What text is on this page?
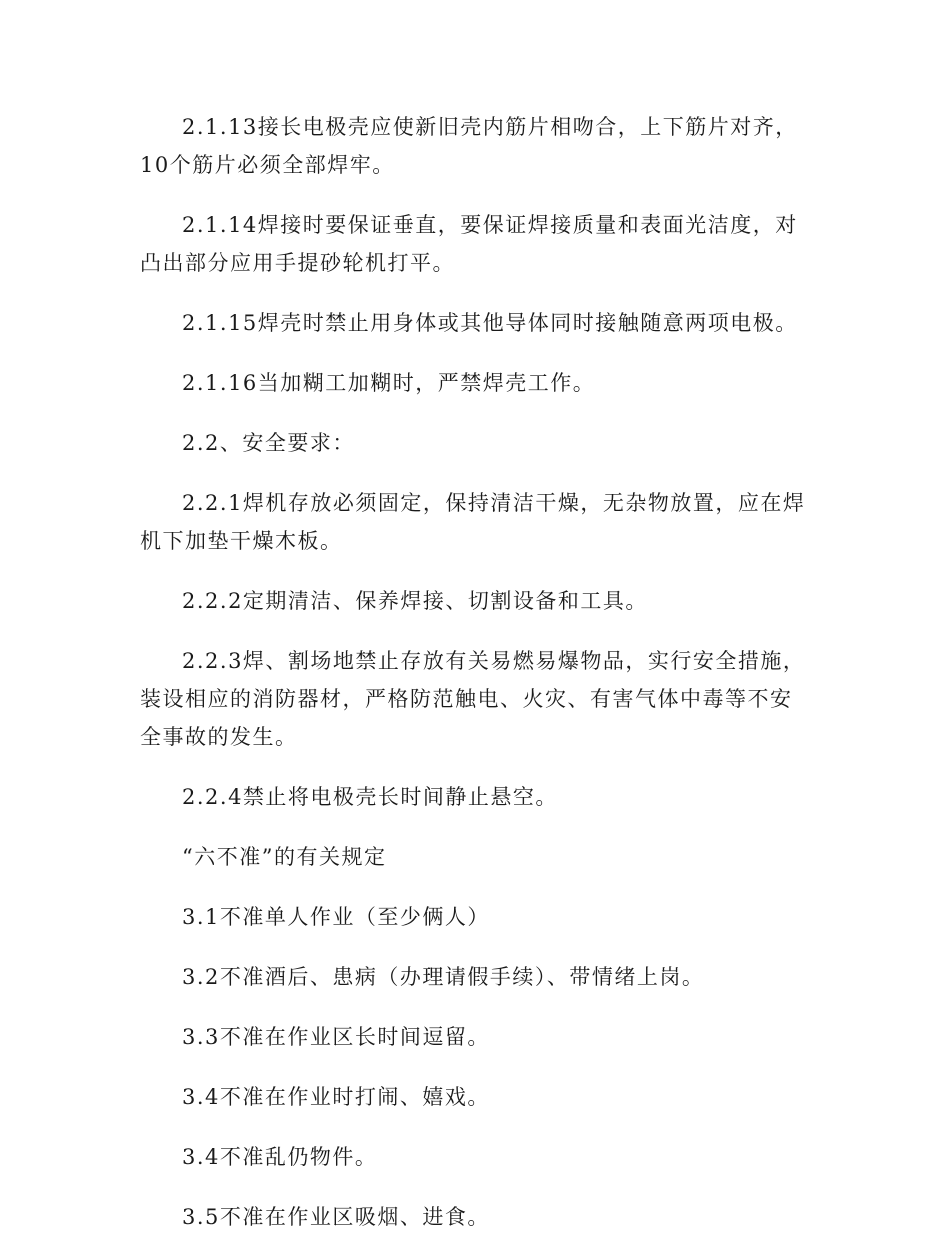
2.1.13接长电极壳应使新旧壳内筋片相吻合，上下筋片对齐，10个筋片必须全部焊牢。

2.1.14焊接时要保证垂直，要保证焊接质量和表面光洁度，对凸出部分应用手提砂轮机打平。

2.1.15焊壳时禁止用身体或其他导体同时接触随意两项电极。

2.1.16当加糊工加糊时，严禁焊壳工作。

2.2、安全要求：

2.2.1焊机存放必须固定，保持清洁干燥，无杂物放置，应在焊机下加垫干燥木板。

2.2.2定期清洁、保养焊接、切割设备和工具。

2.2.3焊、割场地禁止存放有关易燃易爆物品，实行安全措施，装设相应的消防器材，严格防范触电、火灾、有害气体中毒等不安全事故的发生。

2.2.4禁止将电极壳长时间静止悬空。

“六不准”的有关规定

3.1不准单人作业（至少俩人）

3.2不准酒后、患病（办理请假手续）、带情绪上岗。

3.3不准在作业区长时间逗留。

3.4不准在作业时打闹、嬉戏。

3.4不准乱仍物件。

3.5不准在作业区吸烟、进食。
